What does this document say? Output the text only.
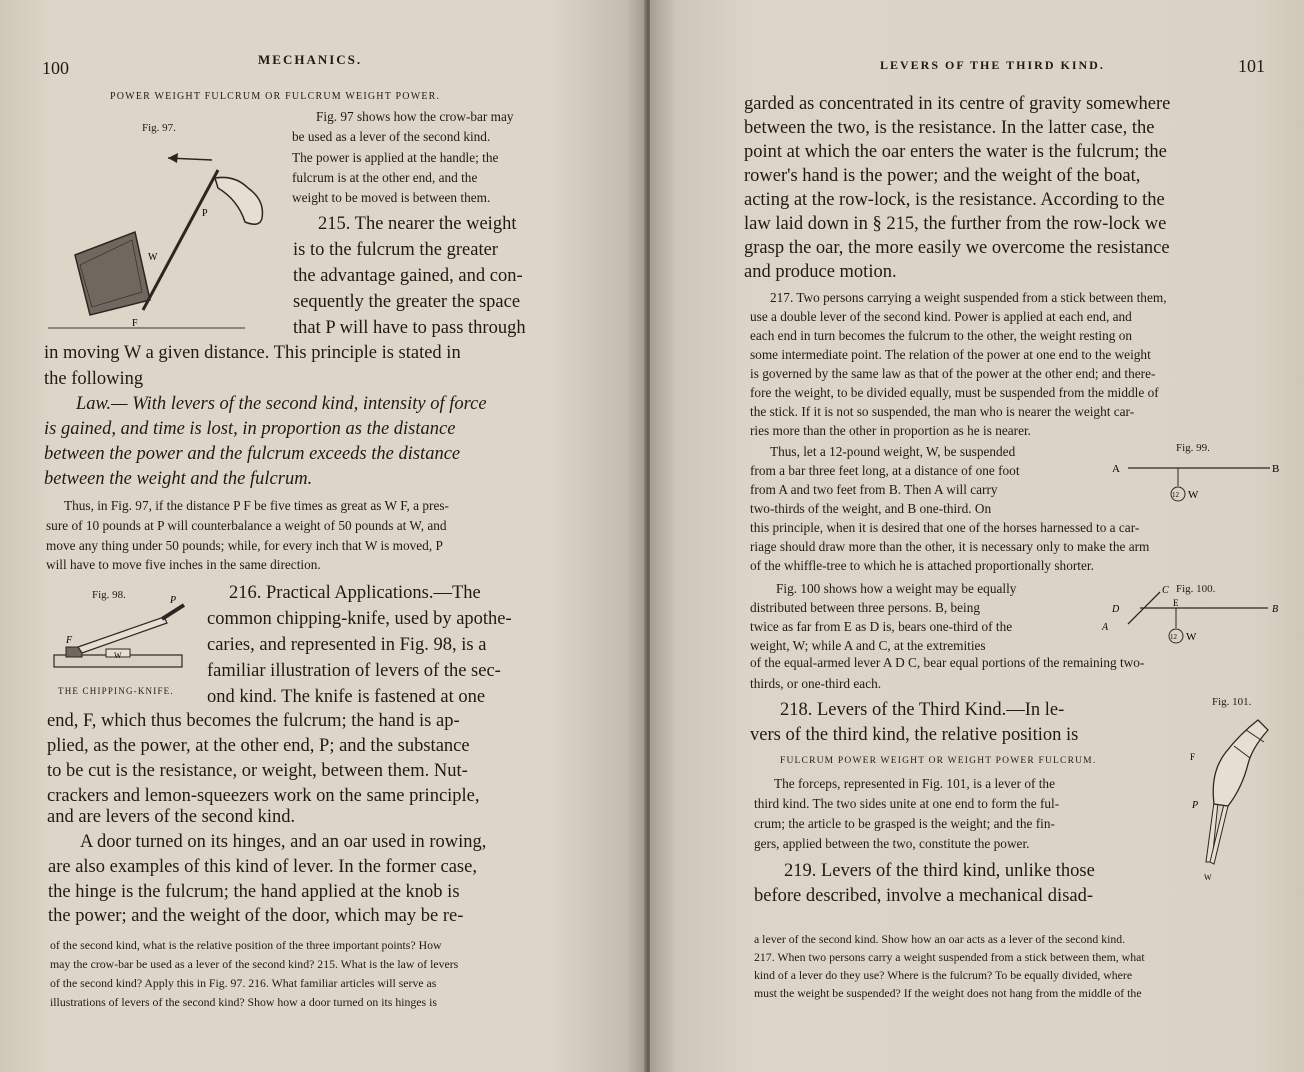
100	MECHANICS.
POWER WEIGHT FULCRUM OR FULCRUM WEIGHT POWER.
Fig. 97.
P
W
F
Fig. 98.	P
F
W
THE CHIPPING-KNIFE.
Fig. 97 shows how the crow-bar may
be used as a lever of the second kind.
The power is applied at the handle; the
fulcrum is at the other end, and the
weight to be moved is between them.
215. The nearer the weight
is to the fulcrum the greater
the advantage gained, and con-
sequently the greater the space
that P will have to pass through
in moving W a given distance. This principle is stated in
the following
Law.— With levers of the second kind, intensity of force
is gained, and time is lost, in proportion as the distance
between the power and the fulcrum exceeds the distance
between the weight and the fulcrum.
Thus, in Fig. 97, if the distance P F be five times as great as W F, a pres-
sure of 10 pounds at P will counterbalance a weight of 50 pounds at W, and
move any thing under 50 pounds; while, for every inch that W is moved, P
will have to move five inches in the same direction.
216. Practical Applications.—The
common chipping-knife, used by apothe-
caries, and represented in Fig. 98, is a
familiar illustration of levers of the sec-
ond kind. The knife is fastened at one
end, F, which thus becomes the fulcrum; the hand is ap-
plied, as the power, at the other end, P; and the substance
to be cut is the resistance, or weight, between them. Nut-
crackers and lemon-squeezers work on the same principle,
and are levers of the second kind.
A door turned on its hinges, and an oar used in rowing,
are also examples of this kind of lever. In the former case,
the hinge is the fulcrum; the hand applied at the knob is
the power; and the weight of the door, which may be re-
of the second kind, what is the relative position of the three important points? How
may the crow-bar be used as a lever of the second kind? 215. What is the law of levers
of the second kind? Apply this in Fig. 97. 216. What familiar articles will serve as
illustrations of levers of the second kind? Show how a door turned on its hinges is
LEVERS OF THE THIRD KIND.	101
garded as concentrated in its centre of gravity somewhere
between the two, is the resistance. In the latter case, the
point at which the oar enters the water is the fulcrum; the
rower's hand is the power; and the weight of the boat,
acting at the row-lock, is the resistance. According to the
law laid down in § 215, the further from the row-lock we
grasp the oar, the more easily we overcome the resistance
and produce motion.
217. Two persons carrying a weight suspended from a stick between them,
use a double lever of the second kind. Power is applied at each end, and
each end in turn becomes the fulcrum to the other, the weight resting on
some intermediate point. The relation of the power at one end to the weight
is governed by the same law as that of the power at the other end; and there-
fore the weight, to be divided equally, must be suspended from the middle of
the stick. If it is not so suspended, the man who is nearer the weight car-
ries more than the other in proportion as he is nearer.
Thus, let a 12-pound weight, W, be suspended
from a bar three feet long, at a distance of one foot
from A and two feet from B. Then A will carry
two-thirds of the weight, and B one-third. On
this principle, when it is desired that one of the horses harnessed to a car-
riage should draw more than the other, it is necessary only to make the arm
of the whiffle-tree to which he is attached proportionally shorter.
Fig. 100 shows how a weight may be equally
distributed between three persons. B, being
twice as far from E as D is, bears one-third of the
weight, W; while A and C, at the extremities
of the equal-armed lever A D C, bear equal portions of the remaining two-
thirds, or one-third each.
218. Levers of the Third Kind.—In le-
vers of the third kind, the relative position is
FULCRUM POWER WEIGHT OR WEIGHT POWER FULCRUM.
The forceps, represented in Fig. 101, is a lever of the
third kind. The two sides unite at one end to form the ful-
crum; the article to be grasped is the weight; and the fin-
gers, applied between the two, constitute the power.
219. Levers of the third kind, unlike those
before described, involve a mechanical disad-
Fig. 99.
A	B
12 W
Fig. 100.
C
D
E
A
B
12 W
Fig. 101.
F
P
W
a lever of the second kind. Show how an oar acts as a lever of the second kind.
217. When two persons carry a weight suspended from a stick between them, what
kind of a lever do they use? Where is the fulcrum? To be equally divided, where
must the weight be suspended? If the weight does not hang from the middle of the
